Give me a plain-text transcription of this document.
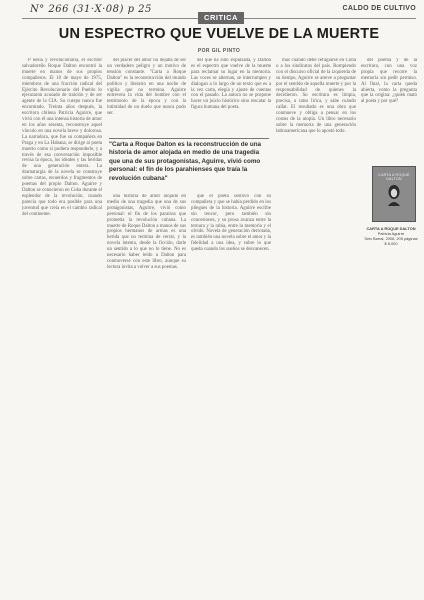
N° 266 (31·X·08) p 25	CALDO DE CULTIVO
CRITICA
UN ESPECTRO QUE VUELVE DE LA MUERTE
POR GIL PINTO

P oesía y revolucionaria, el escritor salvadoreño Roque Dalton encontró la muerte en manos de sus propios compañeros. El 10 de mayo de 1975, miembros de una fracción radical del Ejército Revolucionario del Pueblo lo ejecutaron acusado de traición y de ser agente de la CIA. Su cuerpo nunca fue encontrado. Treinta años después, la escritora chilena Patricia Aguirre, que vivió con él una intensa historia de amor en los años sesenta, reconstruye aquel vínculo en una novela breve y dolorosa. La narradora, que fue su compañera en Praga y en La Habana, se dirige al poeta muerto como si pudiera responderle, y a través de esa conversación imposible revisa la época, los ideales y las heridas de una generación entera. La dramaturgia de la novela se construye sobre cartas, recuerdos y fragmentos de poemas del propio Dalton. Aguirre y Dalton se conocieron en Cuba durante el esplendor de la revolución, cuando parecía que todo era posible para una juventud que creía en el cambio radical del continente.

del placer del amor no dejaba de ser un verdadero peligro y un motivo de tensión constante. "Carta a Roque Dalton" es la reconstrucción del mundo político y literario en una noche de vigilia que no termina. Aguirre entrevera la vida del hombre con el testimonio de la época y con la intimidad de un duelo que nunca pudo ser.

del que ha sido expulsada, y Dalton es el espectro que vuelve de la muerte para reclamar su lugar en la memoria. Las voces se alternan, se interrumpen y dialogan a lo largo de un texto que es a la vez carta, elegía y ajuste de cuentas con el pasado. La autora no se propone hacer un juicio histórico sino rescatar la figura humana del poeta.

"Carta a Roque Dalton es la reconstrucción de una historia de amor alojada en medio de una tragedia que una de sus protagonistas, Aguirre, vivió como personal: el fin de los parahienses que traía la revolución cubana"

una historia de amor alojada en medio de una tragedia que una de sus protagonistas, Aguirre, vivió como personal: el fin de los paraísos que prometía la revolución cubana. La muerte de Roque Dalton a manos de sus propios hermanos de armas es una herida que no termina de cerrar, y la novela intenta, desde la ficción, darle un sentido a lo que no lo tiene. No es necesario haber leído a Dalton para conmoverse con este libro, aunque su lectura invita a volver a sus poemas.

que el poeta sostuvo con su compañera y que se había perdido en los pliegues de la historia. Aguirre escribe sin rencor, pero también sin concesiones, y su prosa avanza entre la ternura y la rabia, entre la memoria y el olvido. Novela de generación derrotada, es también una novela sobre el amor y la fidelidad a una idea, y sobre lo que queda cuando los sueños se desvanecen.

más cuando debe refugiarse en Cuba o a los sindicatos del país. Rompiendo con el discurso oficial de la izquierda de su tiempo, Aguirre se atreve a preguntar por el sentido de aquella muerte y por la responsabilidad de quienes la decidieron. Su escritura es limpia, precisa, a ratos lírica, y sabe cuándo callar. El resultado es una obra que conmueve y obliga a pensar en los costos de la utopía. Un libro necesario sobre la memoria de una generación latinoamericana que lo apostó todo.

del poema y de la escritura, con una voz propia que recorre la memoria sin pedir permiso. Al final, la carta queda abierta, como la pregunta que la origina: ¿quién mató al poeta y por qué?

CARTA A ROQUE DALTON
CARTA A ROQUE DALTON
Patricia Aguirre
Seix Barral, 2008, 205 páginas
$ 8.000
